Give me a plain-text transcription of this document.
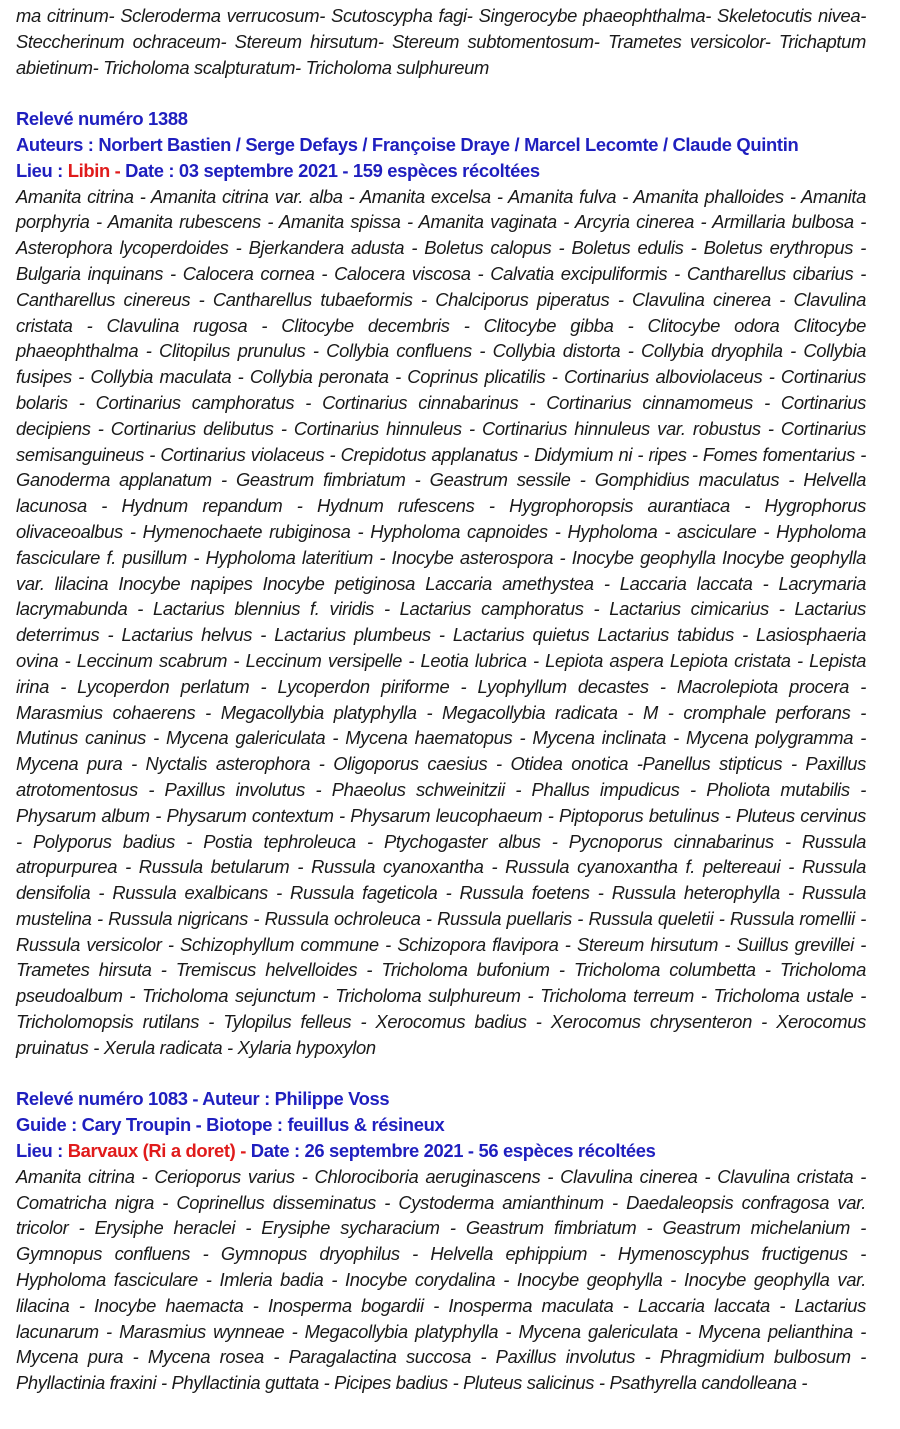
ma citrinum- Scleroderma verrucosum- Scutoscypha fagi- Singerocybe phaeophthalma- Skeletocutis nivea- Steccherinum ochraceum- Stereum hirsutum- Stereum subtomentosum- Trametes versicolor- Trichaptum abietinum- Tricholoma scalpturatum- Tricholoma sulphureum

Relevé numéro 1388

Auteurs : Norbert Bastien / Serge Defays / Françoise Draye / Marcel Lecomte / Claude Quintin

Lieu : Libin - Date : 03 septembre 2021 - 159 espèces récoltées

Amanita citrina - Amanita citrina var. alba - Amanita excelsa - Amanita fulva - Amanita phalloides - Amanita porphyria - Amanita rubescens - Amanita spissa - Amanita vaginata - Arcyria cinerea - Armillaria bulbosa - Asterophora lycoperdoides - Bjerkandera adusta - Boletus calopus - Boletus edulis - Boletus erythropus - Bulgaria inquinans - Calocera cornea - Calocera viscosa - Calvatia excipuliformis - Cantharellus cibarius - Cantharellus cinereus - Cantharellus tubaeformis - Chalciporus piperatus - Clavulina cinerea - Clavulina cristata - Clavulina rugosa - Clitocybe decembris - Clitocybe gibba - Clitocybe odora Clitocybe phaeophthalma - Clitopilus prunulus - Collybia confluens - Collybia distorta - Collybia dryophila - Collybia fusipes - Collybia maculata - Collybia peronata - Coprinus plicatilis - Cortinarius alboviolaceus - Cortinarius bolaris - Cortinarius camphoratus - Cortinarius cinnabarinus - Cortinarius cinnamomeus - Cortinarius decipiens - Cortinarius delibutus - Cortinarius hinnuleus - Cortinarius hinnuleus var. robustus - Cortinarius semisanguineus - Cortinarius violaceus - Crepidotus applanatus - Didymium ni - ripes - Fomes fomentarius - Ganoderma applanatum - Geastrum fimbriatum - Geastrum sessile - Gomphidius maculatus - Helvella lacunosa - Hydnum repandum - Hydnum rufescens - Hygrophoropsis aurantiaca - Hygrophorus olivaceoalbus - Hymenochaete rubiginosa - Hypholoma capnoides - Hypholoma - asciculare - Hypholoma fasciculare f. pusillum - Hypholoma lateritium - Inocybe asterospora - Inocybe geophylla Inocybe geophylla var. lilacina Inocybe napipes Inocybe petiginosa Laccaria amethystea - Laccaria laccata - Lacrymaria lacrymabunda - Lactarius blennius f. viridis - Lactarius camphoratus - Lactarius cimicarius - Lactarius deterrimus - Lactarius helvus - Lactarius plumbeus - Lactarius quietus Lactarius tabidus - Lasiosphaeria ovina - Leccinum scabrum - Leccinum versipelle - Leotia lubrica - Lepiota aspera Lepiota cristata - Lepista irina - Lycoperdon perlatum - Lycoperdon piriforme - Lyophyllum decastes - Macrolepiota procera - Marasmius cohaerens - Megacollybia platyphylla - Megacollybia radicata - M - cromphale perforans - Mutinus caninus - Mycena galericulata - Mycena haematopus - Mycena inclinata - Mycena polygramma - Mycena pura - Nyctalis asterophora - Oligoporus caesius - Otidea onotica -Panellus stipticus - Paxillus atrotomentosus - Paxillus involutus - Phaeolus schweinitzii - Phallus impudicus - Pholiota mutabilis - Physarum album - Physarum contextum - Physarum leucophaeum - Piptoporus betulinus - Pluteus cervinus - Polyporus badius - Postia tephroleuca - Ptychogaster albus - Pycnoporus cinnabarinus - Russula atropurpurea - Russula betularum - Russula cyanoxantha - Russula cyanoxantha f. peltereaui - Russula densifolia - Russula exalbicans - Russula fageticola - Russula foetens - Russula heterophylla - Russula mustelina - Russula nigricans - Russula ochroleuca - Russula puellaris - Russula queletii - Russula romellii - Russula versicolor - Schizophyllum commune - Schizopora flavipora - Stereum hirsutum - Suillus grevillei - Trametes hirsuta - Tremiscus helvelloides - Tricholoma bufonium - Tricholoma columbetta - Tricholoma pseudoalbum - Tricholoma sejunctum - Tricholoma sulphureum - Tricholoma terreum - Tricholoma ustale - Tricholomopsis rutilans - Tylopilus felleus - Xerocomus badius - Xerocomus chrysenteron - Xerocomus pruinatus - Xerula radicata - Xylaria hypoxylon

Relevé numéro 1083 - Auteur : Philippe Voss

Guide : Cary Troupin - Biotope : feuillus & résineux

Lieu : Barvaux (Ri a doret) - Date : 26 septembre 2021 - 56 espèces récoltées

Amanita citrina - Cerioporus varius - Chlorociboria aeruginascens - Clavulina cinerea - Clavulina cristata - Comatricha nigra - Coprinellus disseminatus - Cystoderma amianthinum - Daedaleopsis confragosa var. tricolor - Erysiphe heraclei - Erysiphe sycharacium - Geastrum fimbriatum - Geastrum michelanium - Gymnopus confluens - Gymnopus dryophilus - Helvella ephippium - Hymenoscyphus fructigenus - Hypholoma fasciculare - Imleria badia - Inocybe corydalina - Inocybe geophylla - Inocybe geophylla var. lilacina - Inocybe haemacta - Inosperma bogardii - Inosperma maculata - Laccaria laccata - Lactarius lacunarum - Marasmius wynneae - Megacollybia platyphylla - Mycena galericulata - Mycena pelianthina - Mycena pura - Mycena rosea - Paragalactina succosa - Paxillus involutus - Phragmidium bulbosum - Phyllactinia fraxini - Phyllactinia guttata - Picipes badius - Pluteus salicinus - Psathyrella candolleana -
